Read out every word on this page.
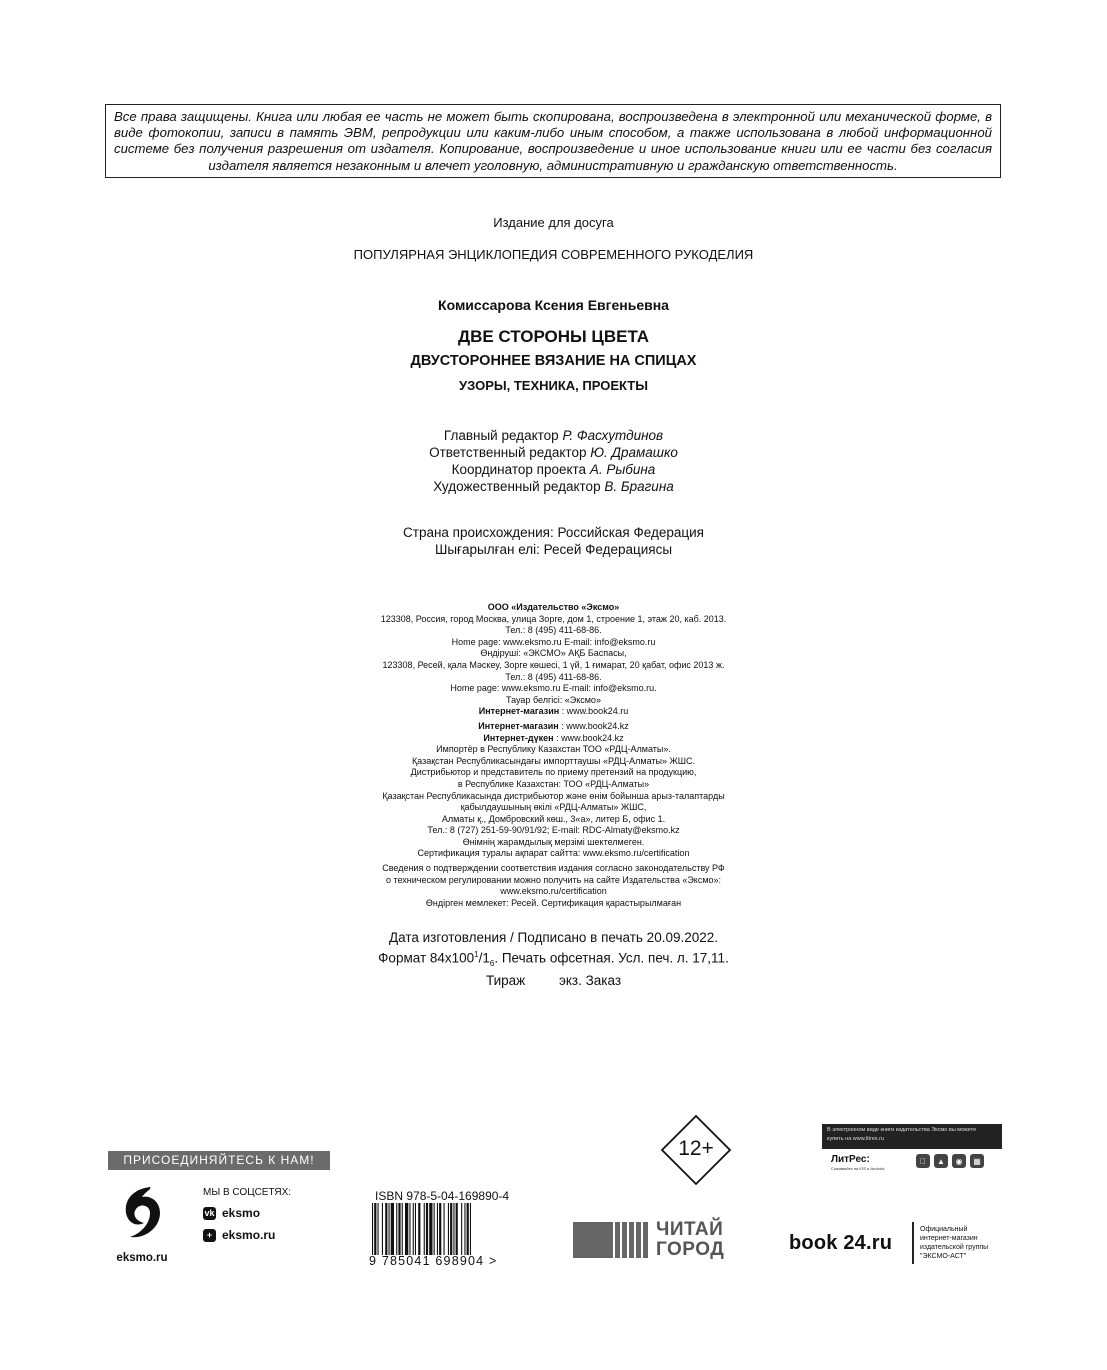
Все права защищены. Книга или любая ее часть не может быть скопирована, воспроизведена в электронной или механической форме, в виде фотокопии, записи в память ЭВМ, репродукции или каким-либо иным способом, а также использована в любой информационной системе без получения разрешения от издателя. Копирование, воспроизведение и иное использование книги или ее части без согласия издателя является незаконным и влечет уголовную, административную и гражданскую ответственность.

Издание для досуга
ПОПУЛЯРНАЯ ЭНЦИКЛОПЕДИЯ СОВРЕМЕННОГО РУКОДЕЛИЯ
Комиссарова Ксения Евгеньевна
ДВЕ СТОРОНЫ ЦВЕТА
ДВУСТОРОННЕЕ ВЯЗАНИЕ НА СПИЦАХ
УЗОРЫ, ТЕХНИКА, ПРОЕКТЫ
Главный редактор Р. Фасхутдинов
Ответственный редактор Ю. Драмашко
Координатор проекта А. Рыбина
Художественный редактор В. Брагина
Страна происхождения: Российская Федерация
Шығарылған елі: Ресей Федерациясы

ООО «Издательство «Эксмо»

123308, Россия, город Москва, улица Зорге, дом 1, строение 1, этаж 20, каб. 2013.

Тел.: 8 (495) 411-68-86.

Home page: www.eksmo.ru E-mail: info@eksmo.ru

Өндіруші: «ЭКСМО» АҚБ Баспасы,

123308, Ресей, қала Мәскеу, Зорге көшесі, 1 үй, 1 ғимарат, 20 қабат, офис 2013 ж.

Тел.: 8 (495) 411-68-86.

Home page: www.eksmo.ru E-mail: info@eksmo.ru.

Тауар белгісі: «Эксмо»

Интернет-магазин : www.book24.ru

Интернет-магазин : www.book24.kz

Интернет-дүкен : www.book24.kz

Импортёр в Республику Казахстан ТОО «РДЦ-Алматы».

Қазақстан Республикасындағы импорттаушы «РДЦ-Алматы» ЖШС.

Дистрибьютор и представитель по приему претензий на продукцию,

в Республике Казахстан: ТОО «РДЦ-Алматы»

Қазақстан Республикасында дистрибьютор және өнім бойынша арыз-талаптарды

қабылдаушының өкілі «РДЦ-Алматы» ЖШС,

Алматы қ., Домбровский көш., 3«а», литер Б, офис 1.

Тел.: 8 (727) 251-59-90/91/92; E-mail: RDC-Almaty@eksmo.kz

Өнімнің жарамдылық мерзімі шектелмеген.

Сертификация туралы ақпарат сайтта: www.eksmo.ru/certification

Сведения о подтверждении соответствия издания согласно законодательству РФ

о техническом регулировании можно получить на сайте Издательства «Эксмо»:

www.eksmo.ru/certification

Өндірген мемлекет: Ресей. Сертификация қарастырылмаған

Дата изготовления / Подписано в печать 20.09.2022.

Формат $84x100^1/1_6$. Печать офсетная. Усл. печ. л. 17,11.

Тираж         экз. Заказ

ПРИСОЕДИНЯЙТЕСЬ К НАМ!
eksmo.ru
МЫ В СОЦСЕТЯХ:
vk eksmo
+ eksmo.ru
ISBN 978-5-04-169890-4
9 785041 698904 >
12+
ЧИТАЙ
ГОРОД
В электронном виде книги издательства Эксмо вы можете
купить на www.litres.ru
ЛитРес:
Скачивайте на iOS и Android
▲	◉	▦
book 24.ru
Официальный
интернет-магазин
издательской группы
"ЭКСМО-АСТ"
